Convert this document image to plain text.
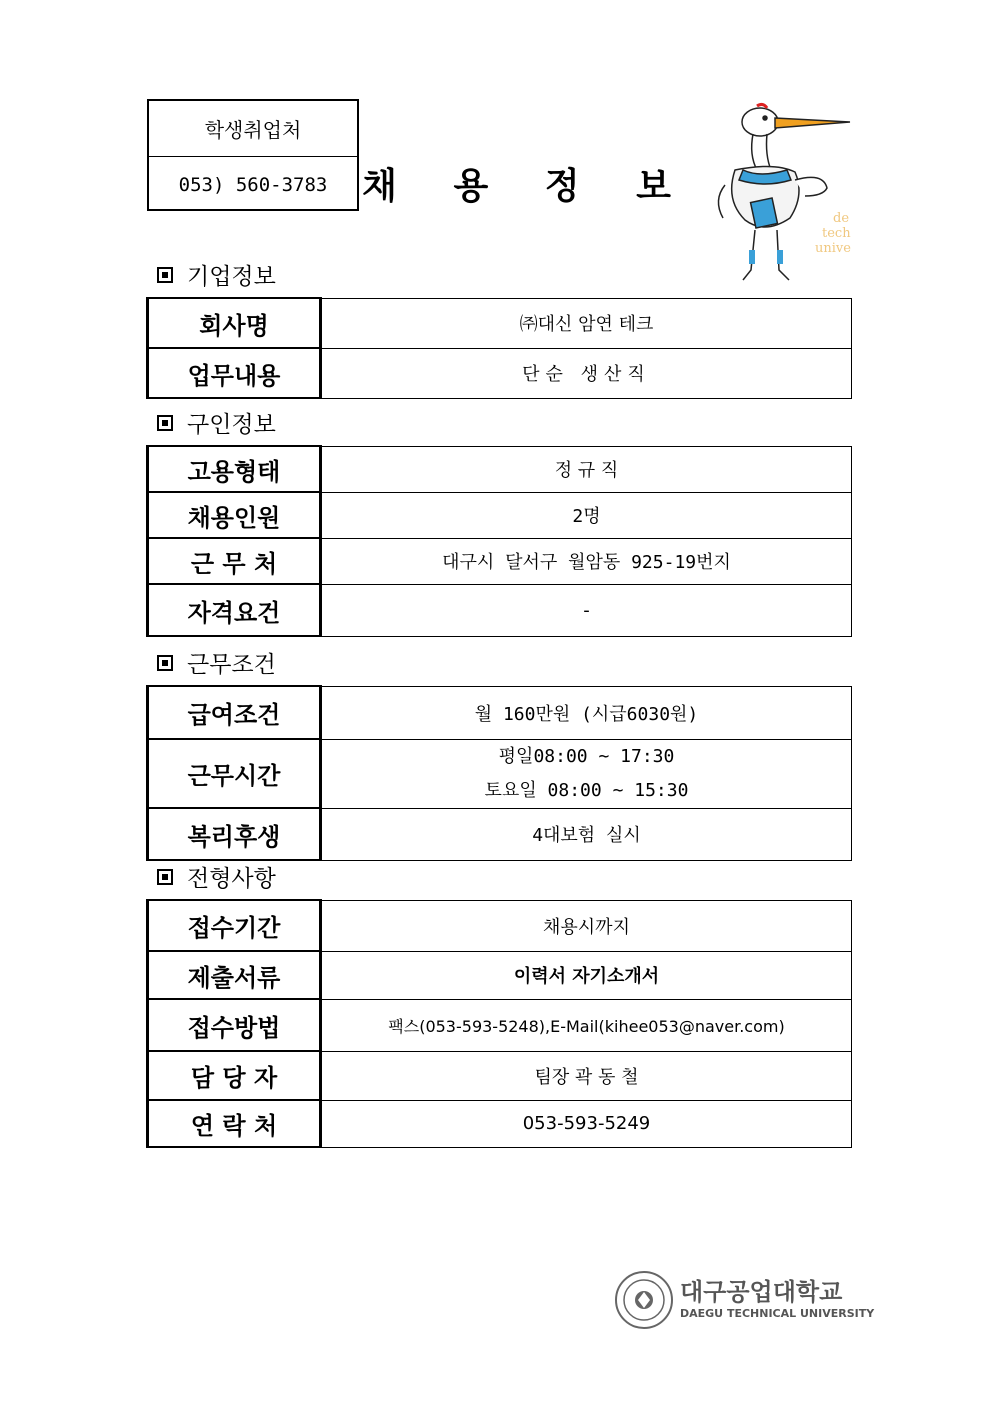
학생취업처
053) 560-3783 채 용 정 보
de
tech
unive
기업정보
회사명	㈜대신 암연 테크
업무내용	단순 생산직
구인정보
고용형태	정 규 직
채용인원	2명
근 무 처	대구시 달서구 월암동 925-19번지
자격요건	-
근무조건
급여조건	월 160만원 (시급6030원)
근무시간	평일08:00 ~ 17:30
토요일 08:00 ~ 15:30

복리후생	4대보험 실시
전형사항
접수기간	채용시까지
제출서류	이력서 자기소개서
접수방법	팩스(053-593-5248),E-Mail(kihee053@naver.com)
담 당 자	팀장 곽 동 철
연 락 처	053-593-5249
대구공업대학교
DAEGU TECHNICAL UNIVERSITY
